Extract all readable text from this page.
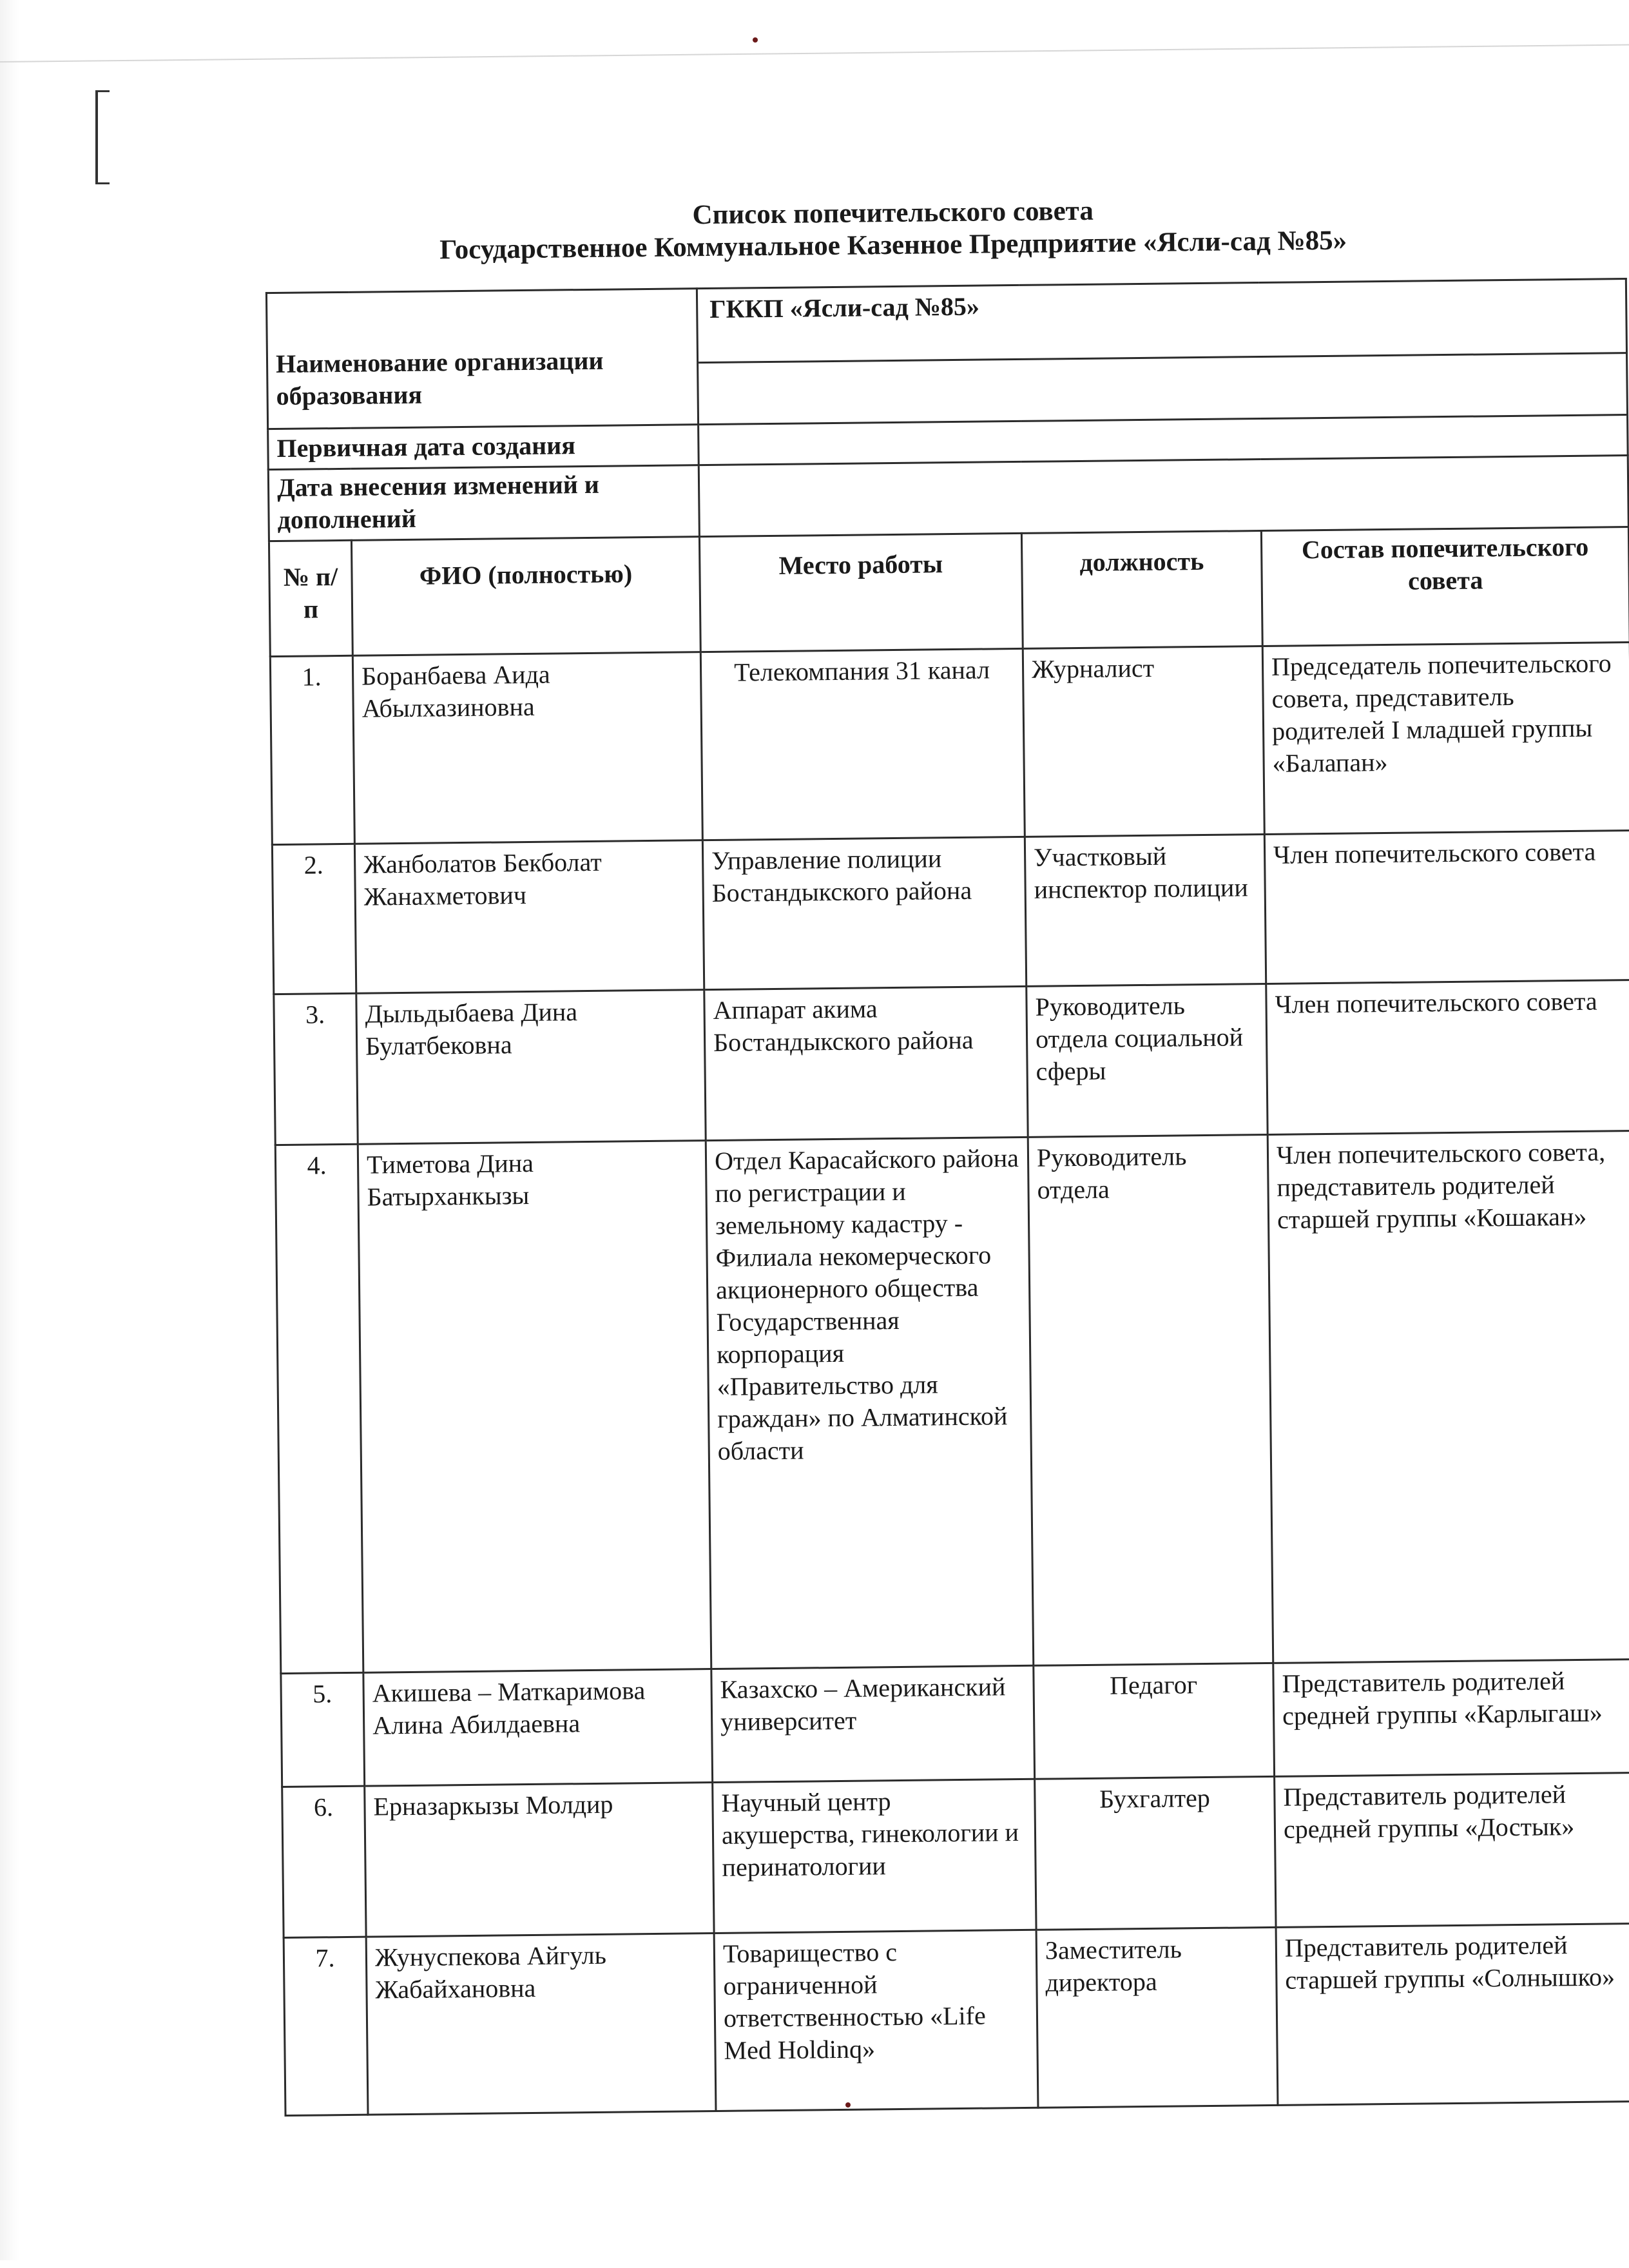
Список попечительского совета
Государственное Коммунальное Казенное Предприятие «Ясли-сад №85»
Наименование организации образования		ГККП «Ясли-сад №85»		

Первичная дата создания				
Дата внесения изменений и дополнений				
№ п/п	ФИО (полностью)	Место работы	должность	Состав попечительского совета
1.	Боранбаева Аида Абылхазиновна	Телекомпания 31 канал	Журналист	Председатель попечительского совета, представитель родителей I младшей группы «Балапан»
2.	Жанболатов Бекболат Жанахметович	Управление полиции Бостандыкского района	Участковый инспектор полиции	Член попечительского совета
3.	Дыльдыбаева Дина Булатбековна	Аппарат акима Бостандыкского района	Руководитель отдела социальной сферы	Член попечительского совета
4.	Тиметова Дина Батырханкызы	Отдел Карасайского района по регистрации и земельному кадастру - Филиала некомерческого акционерного общества Государственная корпорация «Правительство для граждан» по Алматинской области	Руководитель отдела	Член попечительского совета, представитель родителей старшей группы «Кошакан»
5.	Акишева – Маткаримова Алина Абилдаевна	Казахско – Американский университет	Педагог	Представитель родителей средней группы «Карлыгаш»
6.	Ерназаркызы Молдир	Научный центр акушерства, гинекологии и перинатологии	Бухгалтер	Представитель родителей средней группы «Достык»
7.	Жунуспекова Айгуль Жабайхановна	Товарищество с ограниченной ответственностью «Life Med Holdinq»	Заместитель директора	Представитель родителей старшей группы «Солнышко»
